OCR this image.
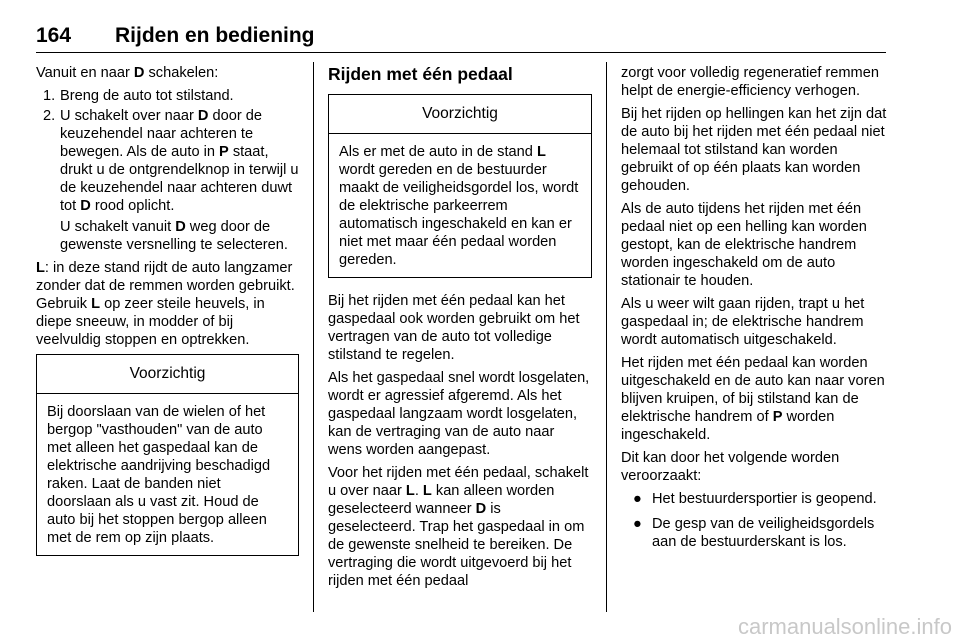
164 Rijden en bediening

Vanuit en naar D schakelen:

1. Breng de auto tot stilstand.
2. U schakelt over naar D door de keuzehendel naar achteren te bewegen. Als de auto in P staat, drukt u de ontgrendelknop in terwijl u de keuzehendel naar achteren duwt tot D rood oplicht.

U schakelt vanuit D weg door de gewenste versnelling te selecteren.

L: in deze stand rijdt de auto langzamer zonder dat de remmen worden gebruikt. Gebruik L op zeer steile heuvels, in diepe sneeuw, in modder of bij veelvuldig stoppen en optrekken.

Voorzichtig
Bij doorslaan van de wielen of het bergop "vasthouden" van de auto met alleen het gaspedaal kan de elektrische aandrijving beschadigd raken. Laat de banden niet doorslaan als u vast zit. Houd de auto bij het stoppen bergop alleen met de rem op zijn plaats.
Rijden met één pedaal
Voorzichtig
Als er met de auto in de stand L wordt gereden en de bestuurder maakt de veiligheidsgordel los, wordt de elektrische parkeerrem automatisch ingeschakeld en kan er niet met maar één pedaal worden gereden.

Bij het rijden met één pedaal kan het gaspedaal ook worden gebruikt om het vertragen van de auto tot volledige stilstand te regelen.

Als het gaspedaal snel wordt losgelaten, wordt er agressief afgeremd. Als het gaspedaal langzaam wordt losgelaten, kan de vertraging van de auto naar wens worden aangepast.

Voor het rijden met één pedaal, schakelt u over naar L. L kan alleen worden geselecteerd wanneer D is geselecteerd. Trap het gaspedaal in om de gewenste snelheid te bereiken. De vertraging die wordt uitgevoerd bij het rijden met één pedaal

zorgt voor volledig regeneratief remmen helpt de energie-efficiency verhogen.

Bij het rijden op hellingen kan het zijn dat de auto bij het rijden met één pedaal niet helemaal tot stilstand kan worden gebruikt of op één plaats kan worden gehouden.

Als de auto tijdens het rijden met één pedaal niet op een helling kan worden gestopt, kan de elektrische handrem worden ingeschakeld om de auto stationair te houden.

Als u weer wilt gaan rijden, trapt u het gaspedaal in; de elektrische handrem wordt automatisch uitgeschakeld.

Het rijden met één pedaal kan worden uitgeschakeld en de auto kan naar voren blijven kruipen, of bij stilstand kan de elektrische handrem of P worden ingeschakeld.

Dit kan door het volgende worden veroorzaakt:

● Het bestuurdersportier is geopend.
● De gesp van de veiligheidsgordels aan de bestuurderskant is los.
carmanualsonline.info
